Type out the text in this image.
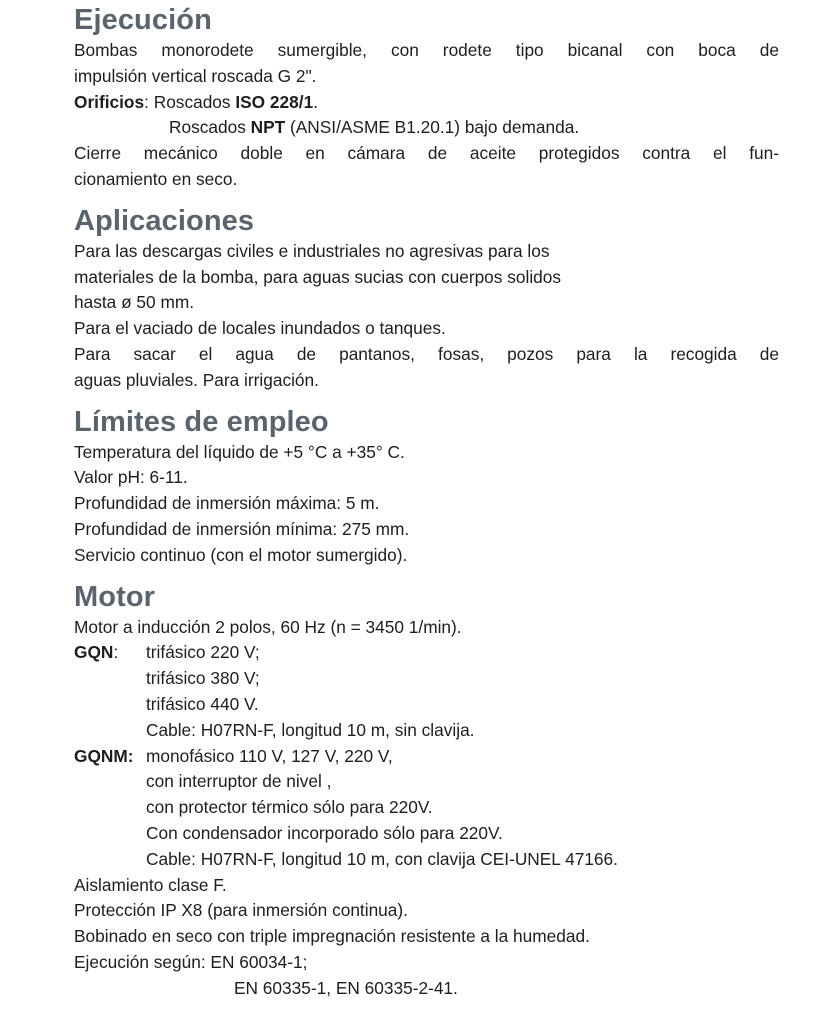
Ejecución

Bombas monorodete sumergible, con rodete tipo bicanal con boca de

impulsión vertical roscada G 2".

Orificios: Roscados ISO 228/1.

Roscados NPT (ANSI/ASME B1.20.1) bajo demanda.

Cierre mecánico doble en cámara de aceite protegidos contra el fun-

cionamiento en seco.

Aplicaciones

Para las descargas civiles e industriales no agresivas para los

materiales de la bomba, para aguas sucias con cuerpos solidos

hasta ø 50 mm.

Para el vaciado de locales inundados o tanques.

Para sacar el agua de pantanos, fosas, pozos para la recogida de

aguas pluviales. Para irrigación.

Límites de empleo

Temperatura del líquido de +5 °C a +35° C.

Valor pH: 6-11.

Profundidad de inmersión máxima: 5 m.

Profundidad de inmersión mínima: 275 mm.

Servicio continuo (con el motor sumergido).

Motor

Motor a inducción 2 polos, 60 Hz (n = 3450 1/min).

GQN:	trifásico 220 V;

trifásico 380 V;

trifásico 440 V.

Cable: H07RN-F, longitud 10 m, sin clavija.

GQNM: monofásico 110 V, 127 V, 220 V,

con interruptor de nivel ,

con protector térmico sólo para 220V.

Con condensador incorporado sólo para 220V.

Cable: H07RN-F, longitud 10 m, con clavija CEI-UNEL 47166.

Aislamiento clase F.

Protección IP X8 (para inmersión continua).

Bobinado en seco con triple impregnación resistente a la humedad.

Ejecución según: EN 60034-1;

EN 60335-1, EN 60335-2-41.
